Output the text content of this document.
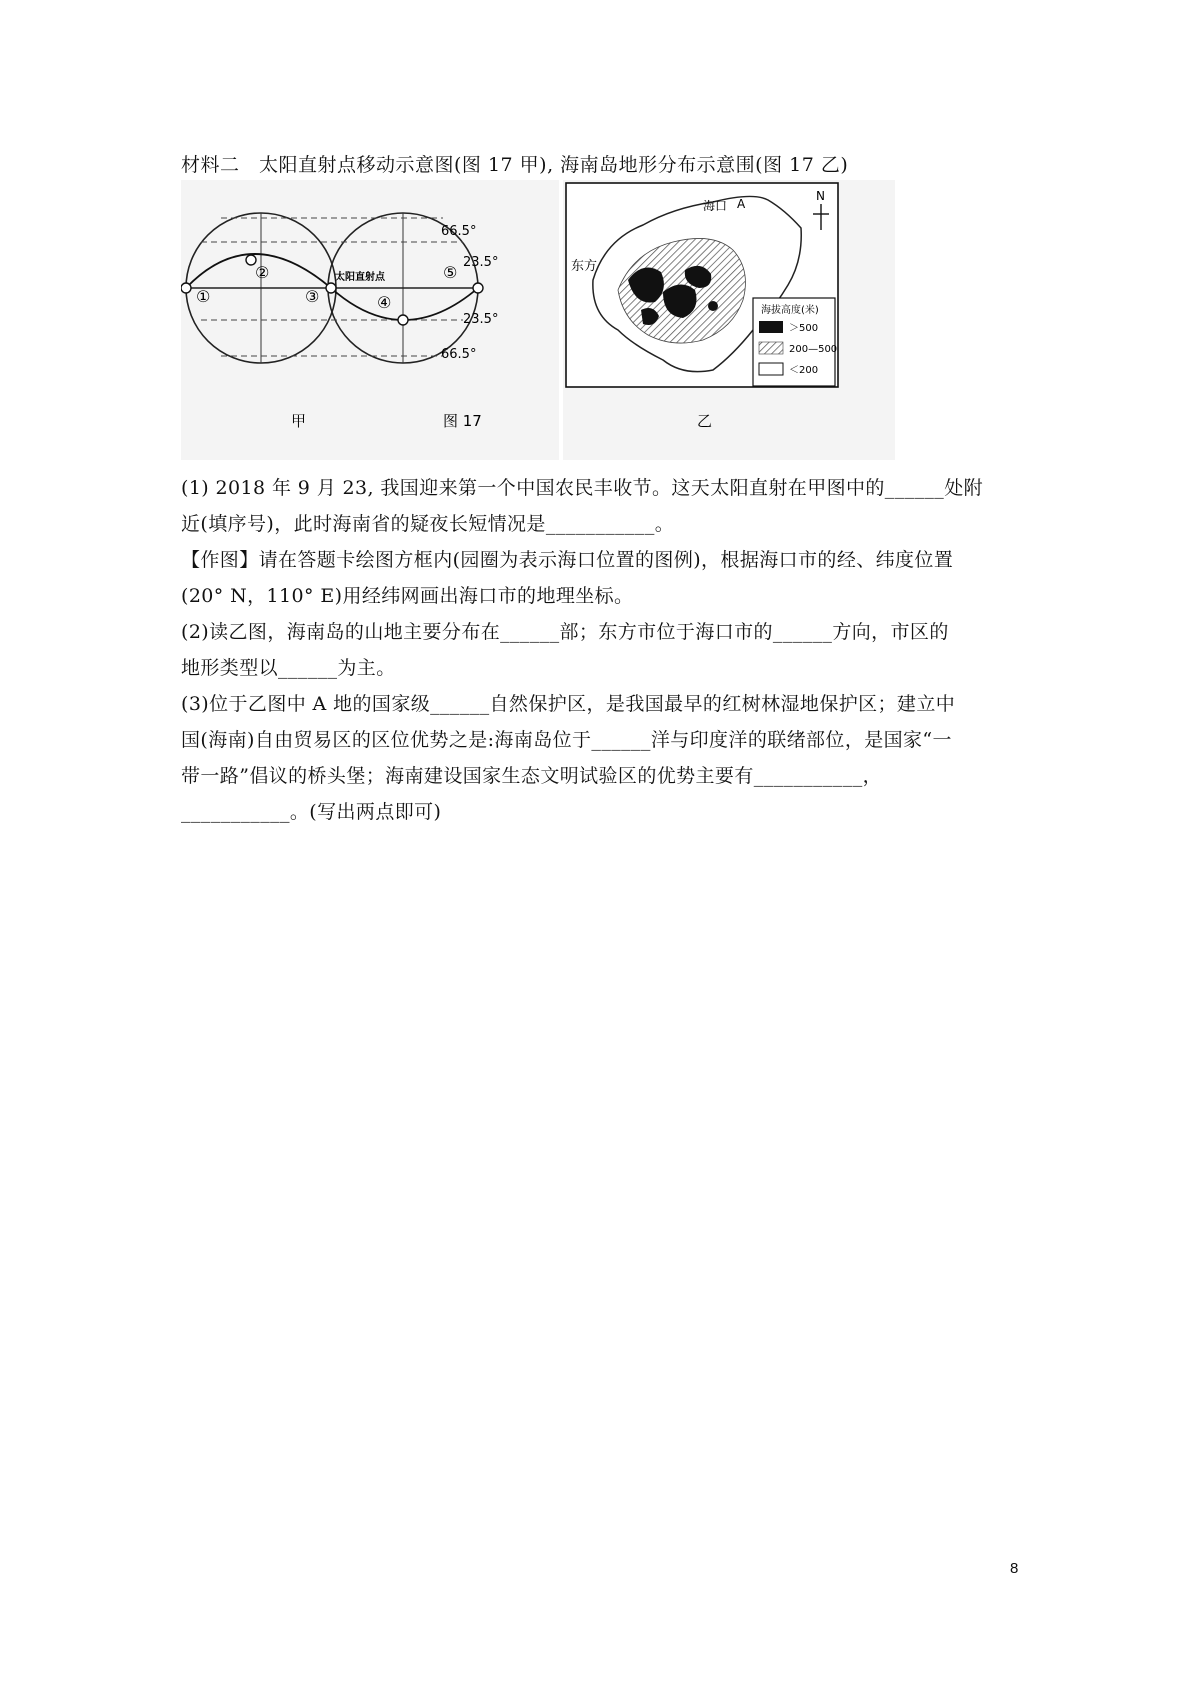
材料二　太阳直射点移动示意图(图 17 甲), 海南岛地形分布示意围(图 17 乙)
66.5°
23.5°
23.5°
66.5°
太阳直射点
①
②
③	④
⑤
甲	图 17
海口 A
东方
N
海拔高度(米)
＞500
200—500
＜200
乙

(1) 2018 年 9 月 23, 我国迎来第一个中国农民丰收节。这天太阳直射在甲图中的______处附

近(填序号)，此时海南省的疑夜长短情况是___________。

【作图】请在答题卡绘图方框内(园圈为表示海口位置的图例)，根据海口市的经、纬度位置

(20° N，110° E)用经纬网画出海口市的地理坐标。

(2)读乙图，海南岛的山地主要分布在______部；东方市位于海口市的______方向，市区的

地形类型以______为主。

(3)位于乙图中 A 地的国家级______自然保护区，是我国最早的红树林湿地保护区；建立中

国(海南)自由贸易区的区位优势之是:海南岛位于______洋与印度洋的联绪部位，是国家“一

带一路”倡议的桥头堡；海南建设国家生态文明试验区的优势主要有___________，

___________。(写出两点即可)

8
